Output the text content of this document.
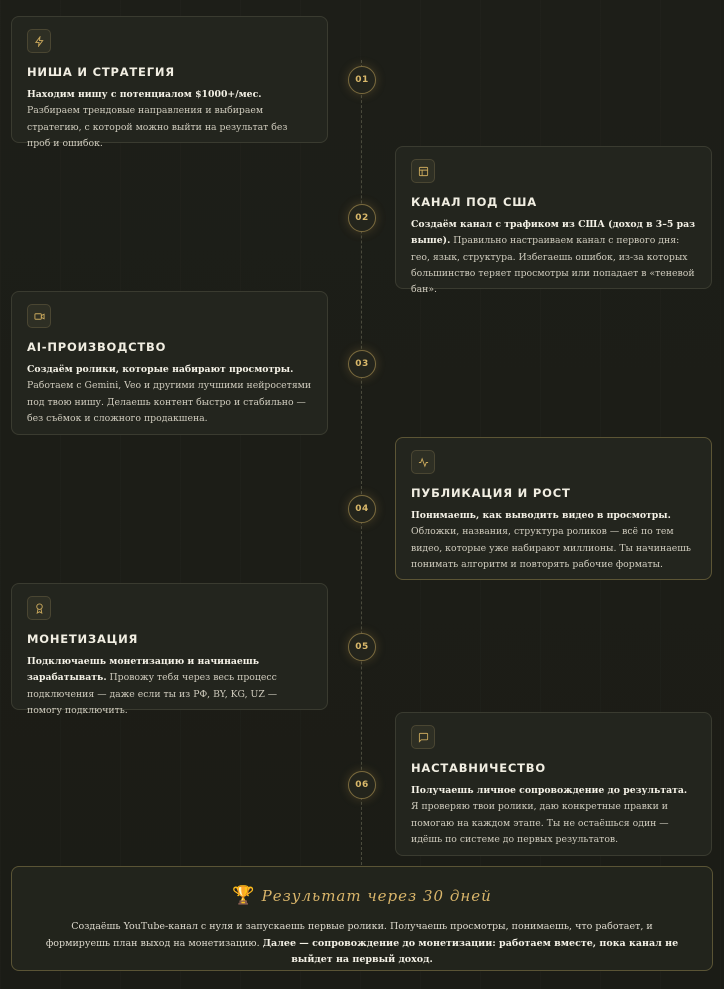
НИША И СТРАТЕГИЯ
Находим нишу с потенциалом $1000+/мес. Разбираем трендовые направления и выбираем стратегию, с которой можно выйти на результат без проб и ошибок.
01
КАНАЛ ПОД США
Создаём канал с трафиком из США (доход в 3–5 раз выше). Правильно настраиваем канал с первого дня: гео, язык, структура. Избегаешь ошибок, из-за которых большинство теряет просмотры или попадает в «теневой бан».
02
AI-ПРОИЗВОДСТВО
Создаём ролики, которые набирают просмотры. Работаем с Gemini, Veo и другими лучшими нейросетями под твою нишу. Делаешь контент быстро и стабильно — без съёмок и сложного продакшена.
03
ПУБЛИКАЦИЯ И РОСТ
Понимаешь, как выводить видео в просмотры. Обложки, названия, структура роликов — всё по тем видео, которые уже набирают миллионы. Ты начинаешь понимать алгоритм и повторять рабочие форматы.
04
МОНЕТИЗАЦИЯ
Подключаешь монетизацию и начинаешь зарабатывать. Провожу тебя через весь процесс подключения — даже если ты из РФ, BY, KG, UZ — помогу подключить.
05
НАСТАВНИЧЕСТВО
Получаешь личное сопровождение до результата. Я проверяю твои ролики, даю конкретные правки и помогаю на каждом этапе. Ты не остаёшься один — идёшь по системе до первых результатов.
06
🏆 Результат через 30 дней
Создаёшь YouTube-канал с нуля и запускаешь первые ролики. Получаешь просмотры, понимаешь, что работает, и формируешь план выход на монетизацию. Далее — сопровождение до монетизации: работаем вместе, пока канал не выйдет на первый доход.
